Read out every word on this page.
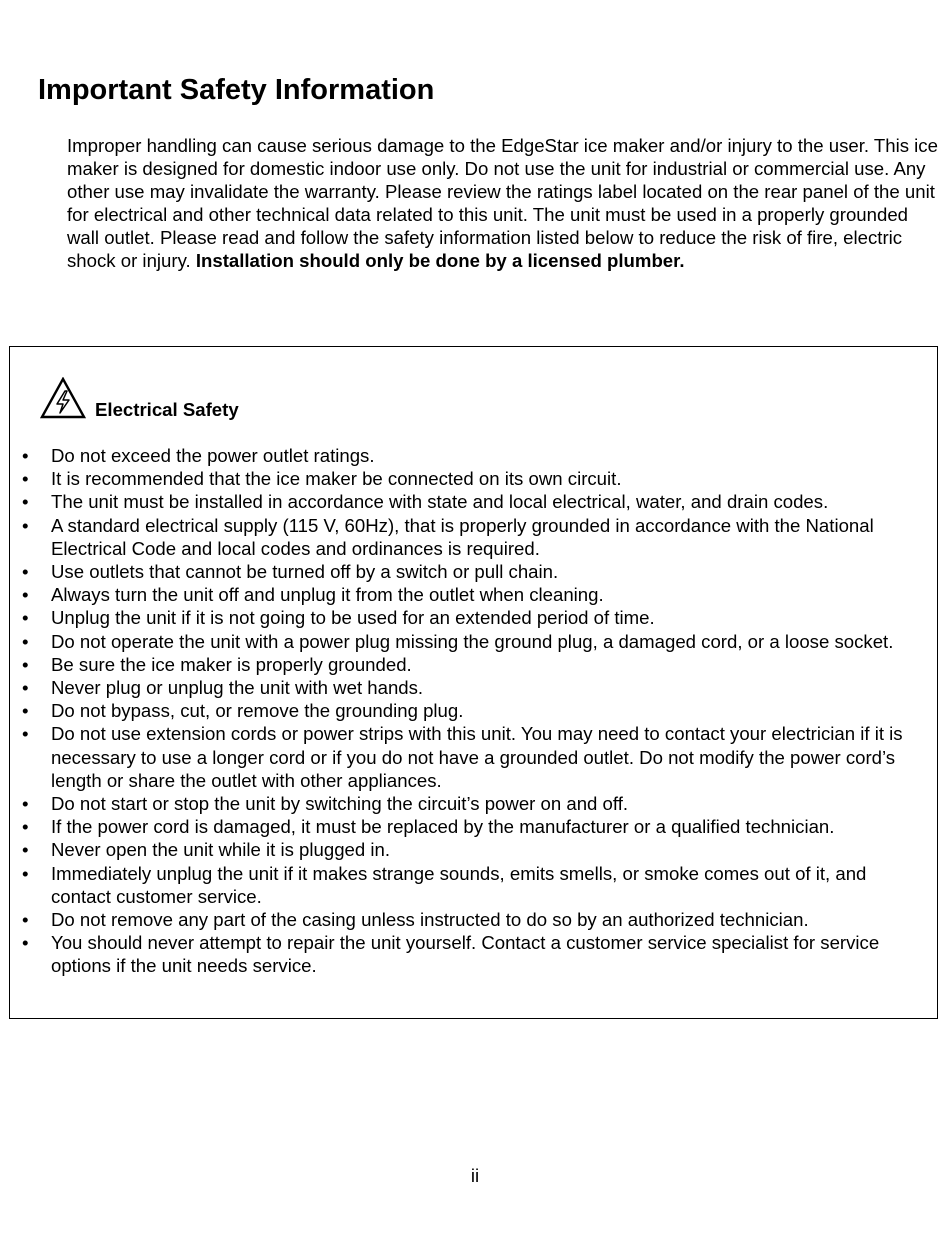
Important Safety Information

Improper handling can cause serious damage to the EdgeStar ice maker and/or injury to the user. This ice maker is designed for domestic indoor use only. Do not use the unit for industrial or commercial use. Any other use may invalidate the warranty. Please review the ratings label located on the rear panel of the unit for electrical and other technical data related to this unit. The unit must be used in a properly grounded wall outlet. Please read and follow the safety information listed below to reduce the risk of fire, electric shock or injury. Installation should only be done by a licensed plumber.

Electrical Safety
• Do not exceed the power outlet ratings.
• It is recommended that the ice maker be connected on its own circuit.
• The unit must be installed in accordance with state and local electrical, water, and drain codes.
• A standard electrical supply (115 V, 60Hz), that is properly grounded in accordance with the National Electrical Code and local codes and ordinances is required.
• Use outlets that cannot be turned off by a switch or pull chain.
• Always turn the unit off and unplug it from the outlet when cleaning.
• Unplug the unit if it is not going to be used for an extended period of time.
• Do not operate the unit with a power plug missing the ground plug, a damaged cord, or a loose socket.
• Be sure the ice maker is properly grounded.
• Never plug or unplug the unit with wet hands.
• Do not bypass, cut, or remove the grounding plug.
• Do not use extension cords or power strips with this unit. You may need to contact your electrician if it is necessary to use a longer cord or if you do not have a grounded outlet. Do not modify the power cord’s length or share the outlet with other appliances.
• Do not start or stop the unit by switching the circuit’s power on and off.
• If the power cord is damaged, it must be replaced by the manufacturer or a qualified technician.
• Never open the unit while it is plugged in.
• Immediately unplug the unit if it makes strange sounds, emits smells, or smoke comes out of it, and contact customer service.
• Do not remove any part of the casing unless instructed to do so by an authorized technician.
• You should never attempt to repair the unit yourself. Contact a customer service specialist for service options if the unit needs service.
ii
